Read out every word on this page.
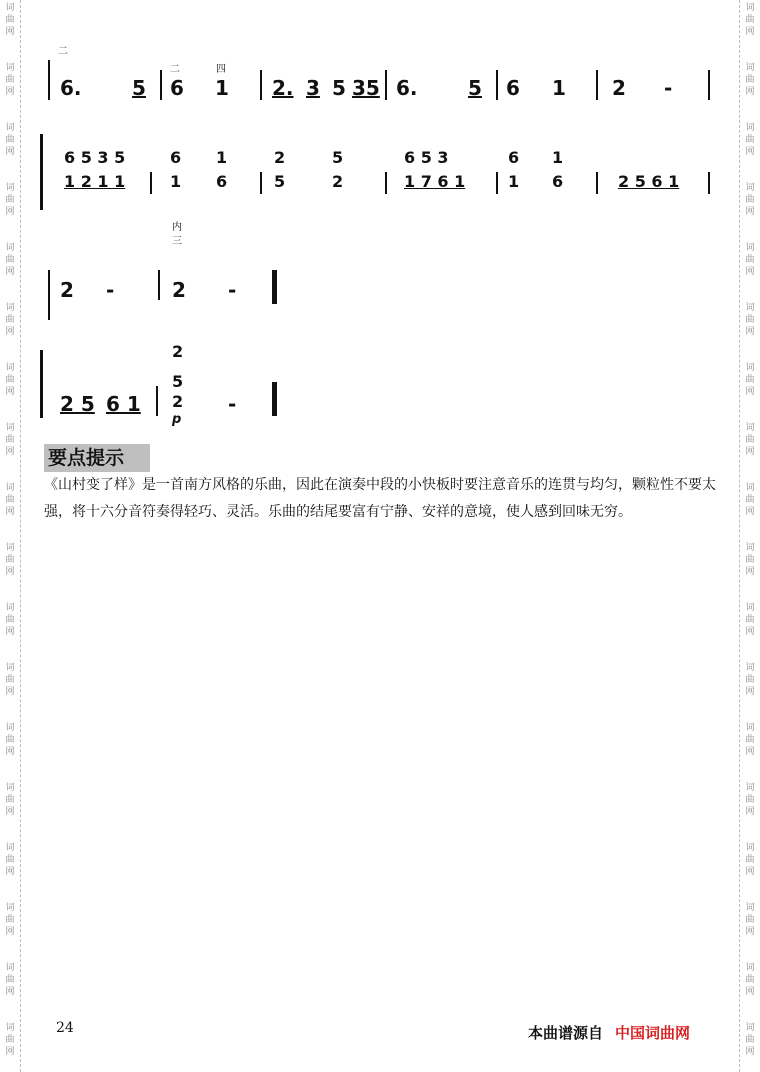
词
曲
网
词
曲
网
词
曲
网
词
曲
网
词
曲
网
词
曲
网
词
曲
网
词
曲
网
词
曲
网
词
曲
网
词
曲
网
词
曲
网
词
曲
网
词
曲
网
词
曲
网
词
曲
网
词
曲
网
词
曲
网
词
曲
网
词
曲
网
词
曲
网
词
曲
网
词
曲
网
词
曲
网
词
曲
网
词
曲
网
词
曲
网
词
曲
网
词
曲
网
词
曲
网
词
曲
网
词
曲
网
词
曲
网
词
曲
网
词
曲
网
词
曲
网
二
6.	5
二	四
6 1 2. 3 5 35 6.	5 6 1 2 -
6 5 3 5	6 1	2	5	6 5 3	6 1
1 2 1 1	1 6	5	2	1 7 6 1	1 6	2 5 6 1
内
三
2 -	2 -
2 5 6 1
2
5
2
p
-
要点提示
《山村变了样》是一首南方风格的乐曲，因此在演奏中段的小快板时要注意音乐的连贯与均匀，颗粒性不要太强，将十六分音符奏得轻巧、灵活。乐曲的结尾要富有宁静、安祥的意境，使人感到回味无穷。
24	本曲谱源自 中国词曲网
